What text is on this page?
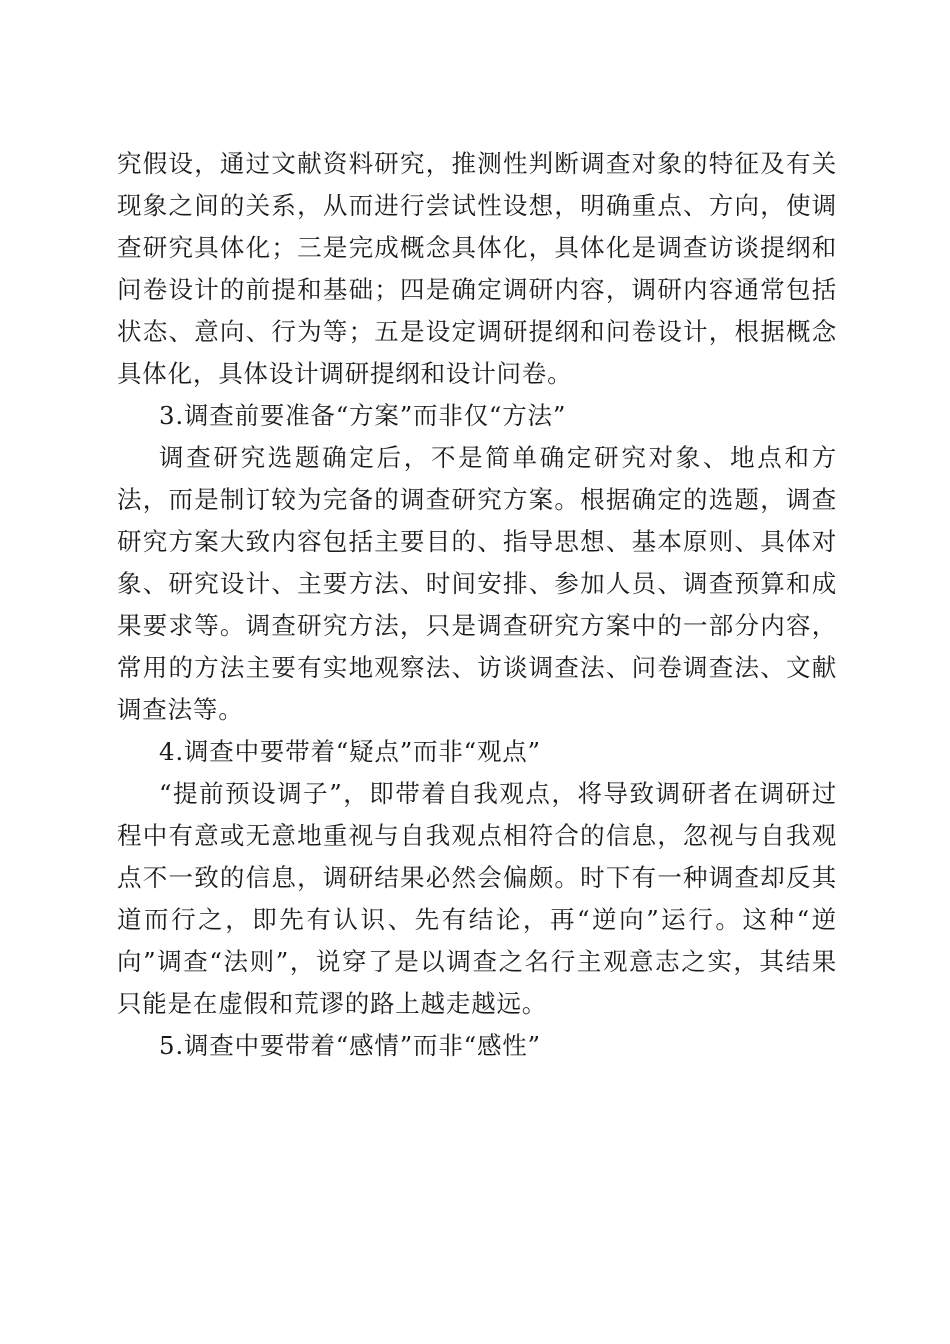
究假设，通过文献资料研究，推测性判断调查对象的特征及有关现象之间的关系，从而进行尝试性设想，明确重点、方向，使调查研究具体化；三是完成概念具体化，具体化是调查访谈提纲和问卷设计的前提和基础；四是确定调研内容，调研内容通常包括状态、意向、行为等；五是设定调研提纲和问卷设计，根据概念具体化，具体设计调研提纲和设计问卷。

3.调查前要准备“方案”而非仅“方法”

调查研究选题确定后，不是简单确定研究对象、地点和方法，而是制订较为完备的调查研究方案。根据确定的选题，调查研究方案大致内容包括主要目的、指导思想、基本原则、具体对象、研究设计、主要方法、时间安排、参加人员、调查预算和成果要求等。调查研究方法，只是调查研究方案中的一部分内容，常用的方法主要有实地观察法、访谈调查法、问卷调查法、文献调查法等。

4.调查中要带着“疑点”而非“观点”

“提前预设调子”，即带着自我观点，将导致调研者在调研过程中有意或无意地重视与自我观点相符合的信息，忽视与自我观点不一致的信息，调研结果必然会偏颇。时下有一种调查却反其道而行之，即先有认识、先有结论，再“逆向”运行。这种“逆向”调查“法则”，说穿了是以调查之名行主观意志之实，其结果只能是在虚假和荒谬的路上越走越远。

5.调查中要带着“感情”而非“感性”
